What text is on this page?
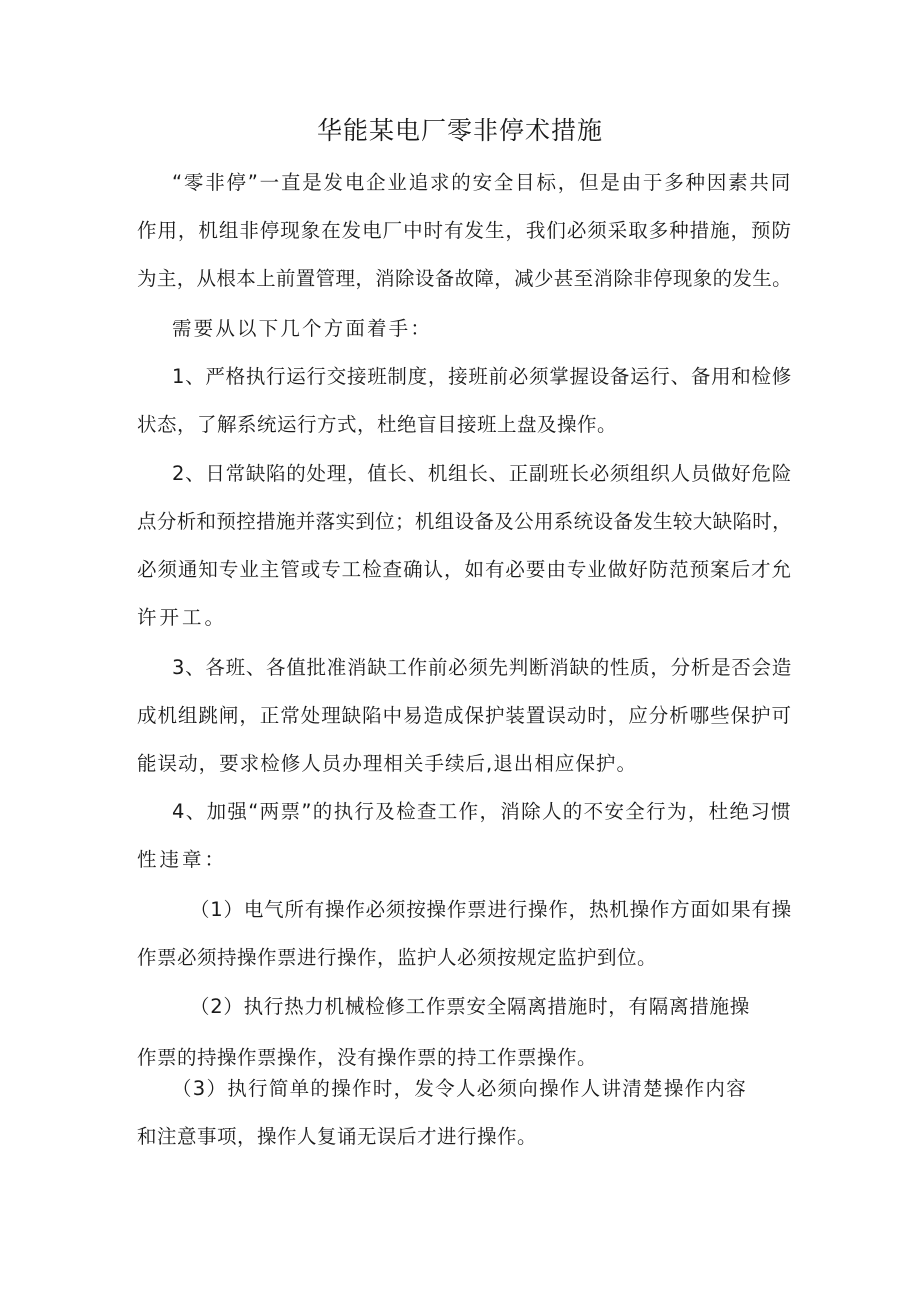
华能某电厂零非停术措施
“零非停”一直是发电企业追求的安全目标，但是由于多种因素共同
作用，机组非停现象在发电厂中时有发生，我们必须采取多种措施，预防
为主，从根本上前置管理，消除设备故障，减少甚至消除非停现象的发生。
需要从以下几个方面着手：
1、严格执行运行交接班制度，接班前必须掌握设备运行、备用和检修
状态，了解系统运行方式，杜绝盲目接班上盘及操作。
2、日常缺陷的处理，值长、机组长、正副班长必须组织人员做好危险
点分析和预控措施并落实到位；机组设备及公用系统设备发生较大缺陷时，
必须通知专业主管或专工检查确认，如有必要由专业做好防范预案后才允
许开工。
3、各班、各值批准消缺工作前必须先判断消缺的性质，分析是否会造
成机组跳闸，正常处理缺陷中易造成保护装置误动时，应分析哪些保护可
能误动，要求检修人员办理相关手续后,退出相应保护。
4、加强“两票”的执行及检查工作，消除人的不安全行为，杜绝习惯
性违章：
（1）电气所有操作必须按操作票进行操作，热机操作方面如果有操
作票必须持操作票进行操作，监护人必须按规定监护到位。
（2）执行热力机械检修工作票安全隔离措施时，有隔离措施操
作票的持操作票操作，没有操作票的持工作票操作。
（3）执行简单的操作时，发令人必须向操作人讲清楚操作内容
和注意事项，操作人复诵无误后才进行操作。
